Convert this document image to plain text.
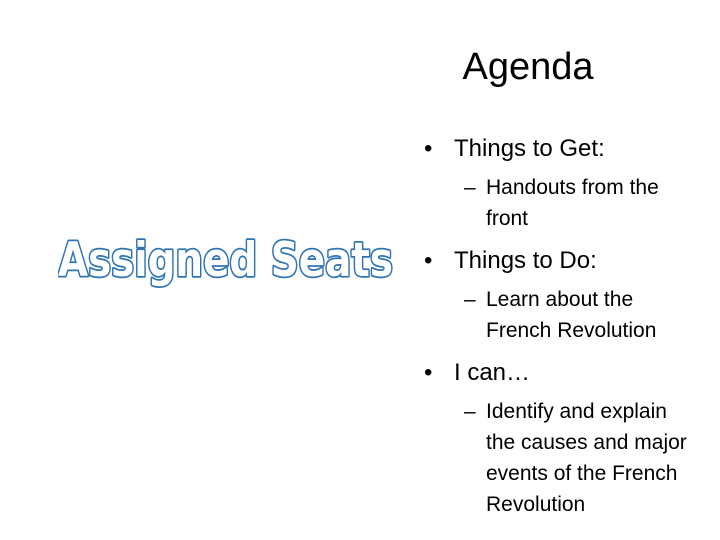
Agenda
Assigned Seats
• Things to Get:
– Handouts from the front
• Things to Do:
– Learn about the French Revolution
• I can…
– Identify and explain the causes and major events of the French Revolution
